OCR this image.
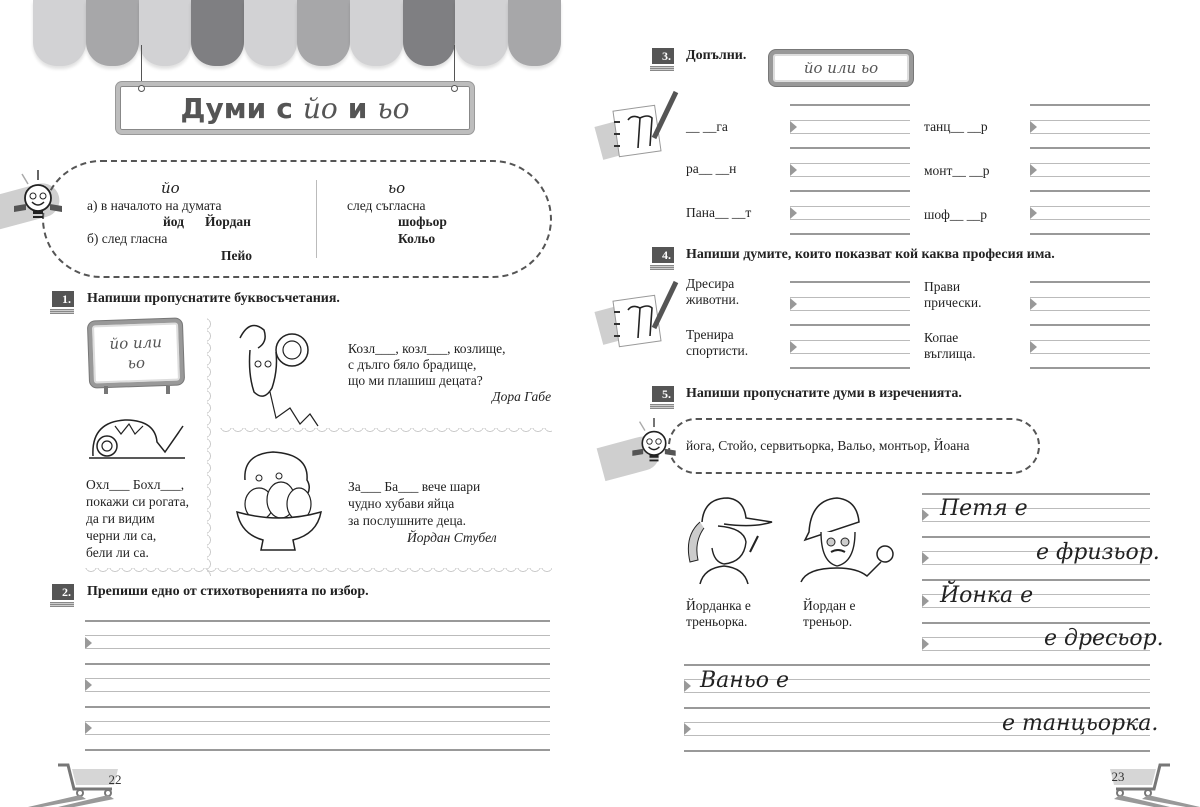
Думи с йо и ьо
йо
а) в началото на думата
йод Йордан
б) след гласна
Пейо
ьо
след съгласна
шофьор
Кольо
1. Напиши пропуснатите буквосъчетания.
йо или
ьо
Козл___, козл___, козлище,
с дълго бяло брадище,
що ми плашиш децата?
Дора Габе
Охл___ Бохл___,
покажи си рогата,
да ги видим
черни ли са,
бели ли са.
За___ Ба___ вече шари
чудно хубави яйца
за послушните деца.
Йордан Стубел
2. Препиши едно от стихотворенията по избор.
22
3. Допълни.
йо или ьо
__ __га
ра__ __н
Пана__ __т
танц__ __р
монт__ __р
шоф__ __р
4. Напиши думите, които показват кой каква професия има.
Дресира
животни.
Тренира
спортисти.
Прави
прически.
Копае
въглища.
5. Напиши пропуснатите думи в изреченията.
йога, Стойо, сервитьорка, Вальо, монтьор, Йоана
Йорданка е
треньорка.
Йордан е
треньор.
Петя е
е фризьор.
Йонка е
е дресьор.
Ваньо е
е танцьорка.
23
